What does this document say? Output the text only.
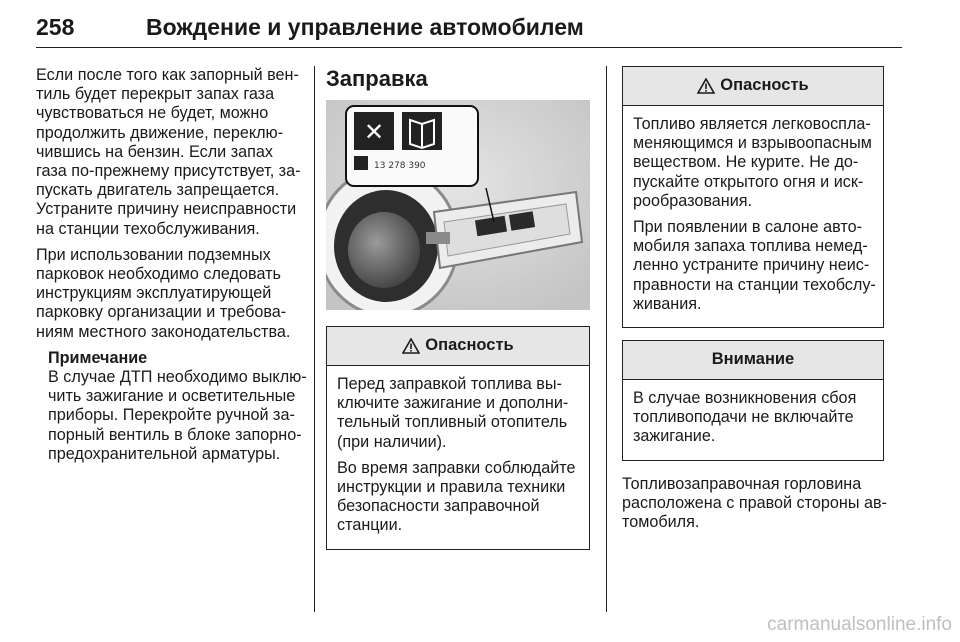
258	Вождение и управление автомобилем

Если после того как запорный вен-
тиль будет перекрыт запах газа
чувствоваться не будет, можно
продолжить движение, переклю-
чившись на бензин. Если запах
газа по-прежнему присутствует, за-
пускать двигатель запрещается.
Устраните причину неисправности
на станции техобслуживания.

При использовании подземных
парковок необходимо следовать
инструкциям эксплуатирующей
парковку организации и требова-
ниям местного законодательства.

Примечание
В случае ДТП необходимо выклю-
чить зажигание и осветительные
приборы. Перекройте ручной за-
порный вентиль в блоке запорно-
предохранительной арматуры.
Заправка
✕
13 278 390
Опасность

Перед заправкой топлива вы-
ключите зажигание и дополни-
тельный топливный отопитель
(при наличии).

Во время заправки соблюдайте
инструкции и правила техники
безопасности заправочной
станции.

Опасность

Топливо является легковоспла-
меняющимся и взрывоопасным
веществом. Не курите. Не до-
пускайте открытого огня и иск-
рообразования.

При появлении в салоне авто-
мобиля запаха топлива немед-
ленно устраните причину неис-
правности на станции техобслу-
живания.

Внимание

В случае возникновения сбоя
топливоподачи не включайте
зажигание.

Топливозаправочная горловина
расположена с правой стороны ав-
томобиля.

carmanualsonline.info
